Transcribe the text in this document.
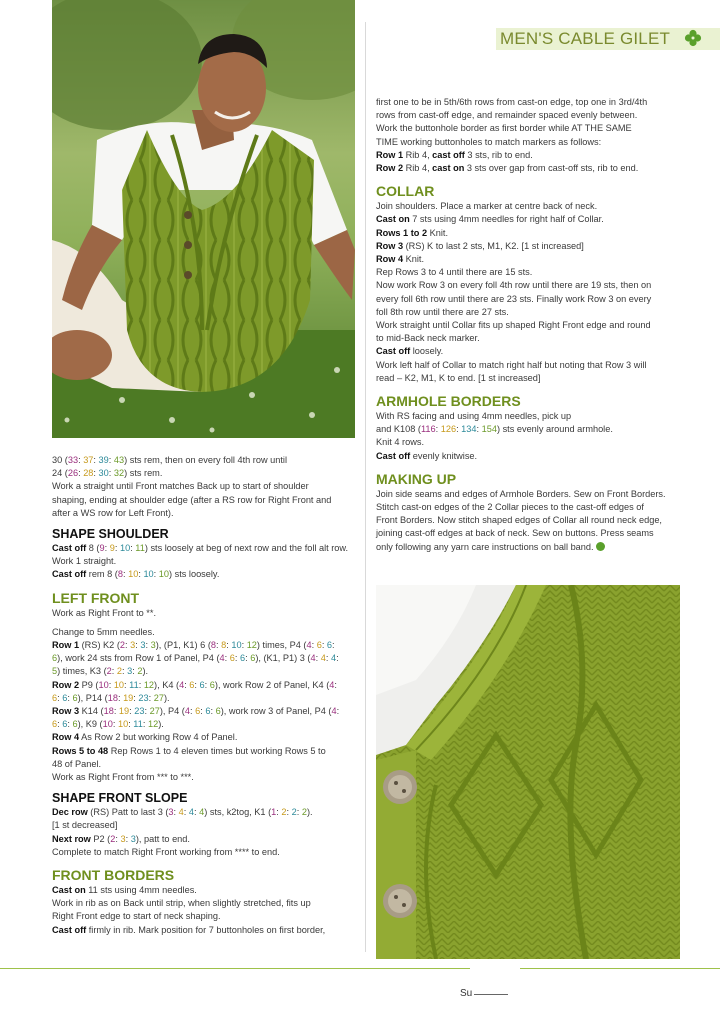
MEN'S CABLE GILET

30 (33: 37: 39: 43) sts rem, then on every foll 4th row until

24 (26: 28: 30: 32) sts rem.

Work a straight until Front matches Back up to start of shoulder

shaping, ending at shoulder edge (after a RS row for Right Front and

after a WS row for Left Front).

SHAPE SHOULDER

Cast off 8 (9: 9: 10: 11) sts loosely at beg of next row and the foll alt row.

Work 1 straight.

Cast off rem 8 (8: 10: 10: 10) sts loosely.

LEFT FRONT

Work as Right Front to **.

Change to 5mm needles.

Row 1 (RS) K2 (2: 3: 3: 3), (P1, K1) 6 (8: 8: 10: 12) times, P4 (4: 6: 6:
6), work 24 sts from Row 1 of Panel, P4 (4: 6: 6: 6), (K1, P1) 3 (4: 4: 4:
5) times, K3 (2: 2: 3: 2).

Row 2 P9 (10: 10: 11: 12), K4 (4: 6: 6: 6), work Row 2 of Panel, K4 (4:
6: 6: 6), P14 (18: 19: 23: 27).

Row 3 K14 (18: 19: 23: 27), P4 (4: 6: 6: 6), work row 3 of Panel, P4 (4:
6: 6: 6), K9 (10: 10: 11: 12).

Row 4 As Row 2 but working Row 4 of Panel.

Rows 5 to 48 Rep Rows 1 to 4 eleven times but working Rows 5 to
48 of Panel.

Work as Right Front from *** to ***.

SHAPE FRONT SLOPE

Dec row (RS) Patt to last 3 (3: 4: 4: 4) sts, k2tog, K1 (1: 2: 2: 2).

[1 st decreased]

Next row P2 (2: 3: 3), patt to end.

Complete to match Right Front working from **** to end.

FRONT BORDERS

Cast on 11 sts using 4mm needles.

Work in rib as on Back until strip, when slightly stretched, fits up

Right Front edge to start of neck shaping.

Cast off firmly in rib. Mark position for 7 buttonholes on first border,

first one to be in 5th/6th rows from cast-on edge, top one in 3rd/4th

rows from cast-off edge, and remainder spaced evenly between.

Work the buttonhole border as first border while AT THE SAME

TIME working buttonholes to match markers as follows:

Row 1 Rib 4, cast off 3 sts, rib to end.

Row 2 Rib 4, cast on 3 sts over gap from cast-off sts, rib to end.

COLLAR

Join shoulders. Place a marker at centre back of neck.

Cast on 7 sts using 4mm needles for right half of Collar.

Rows 1 to 2 Knit.

Row 3 (RS) K to last 2 sts, M1, K2. [1 st increased]

Row 4 Knit.

Rep Rows 3 to 4 until there are 15 sts.

Now work Row 3 on every foll 4th row until there are 19 sts, then on

every foll 6th row until there are 23 sts. Finally work Row 3 on every

foll 8th row until there are 27 sts.

Work straight until Collar fits up shaped Right Front edge and round

to mid-Back neck marker.

Cast off loosely.

Work left half of Collar to match right half but noting that Row 3 will

read – K2, M1, K to end. [1 st increased]

ARMHOLE BORDERS

With RS facing and using 4mm needles, pick up

and K108 (116: 126: 134: 154) sts evenly around armhole.

Knit 4 rows.

Cast off evenly knitwise.

MAKING UP

Join side seams and edges of Armhole Borders. Sew on Front Borders.

Stitch cast-on edges of the 2 Collar pieces to the cast-off edges of

Front Borders. Now stitch shaped edges of Collar all round neck edge,

joining cast-off edges at back of neck. Sew on buttons. Press seams

only following any yarn care instructions on ball band.

Su
